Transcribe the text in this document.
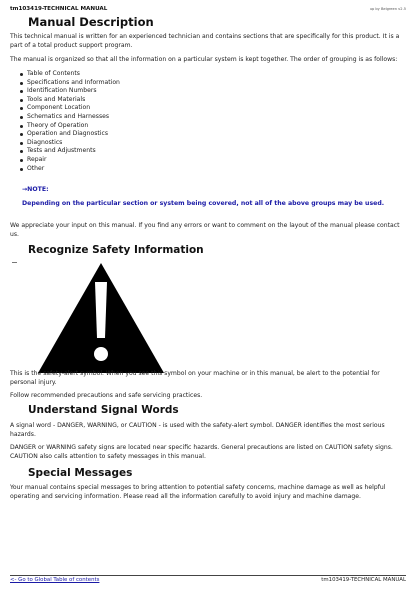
tm103419-TECHNICAL MANUAL	up by Belgreen v2.5
Manual Description

This technical manual is written for an experienced technician and contains sections that are specifically for this product. It is a part of a total product support program.

The manual is organized so that all the information on a particular system is kept together. The order of grouping is as follows:

Table of Contents
Specifications and Information
Identification Numbers
Tools and Materials
Component Location
Schematics and Harnesses
Theory of Operation
Operation and Diagnostics
Diagnostics
Tests and Adjustments
Repair
Other
→NOTE:
Depending on the particular section or system being covered, not all of the above groups may be used.

We appreciate your input on this manual. If you find any errors or want to comment on the layout of the manual please contact us.

Recognize Safety Information

This is the safety-alert symbol. When you see this symbol on your machine or in this manual, be alert to the potential for personal injury.

Follow recommended precautions and safe servicing practices.

Understand Signal Words

A signal word - DANGER, WARNING, or CAUTION - is used with the safety-alert symbol. DANGER identifies the most serious hazards.

DANGER or WARNING safety signs are located near specific hazards. General precautions are listed on CAUTION safety signs. CAUTION also calls attention to safety messages in this manual.

Special Messages

Your manual contains special messages to bring attention to potential safety concerns, machine damage as well as helpful operating and servicing information. Please read all the information carefully to avoid injury and machine damage.

<- Go to Global Table of contents	tm103419-TECHNICAL MANUAL
